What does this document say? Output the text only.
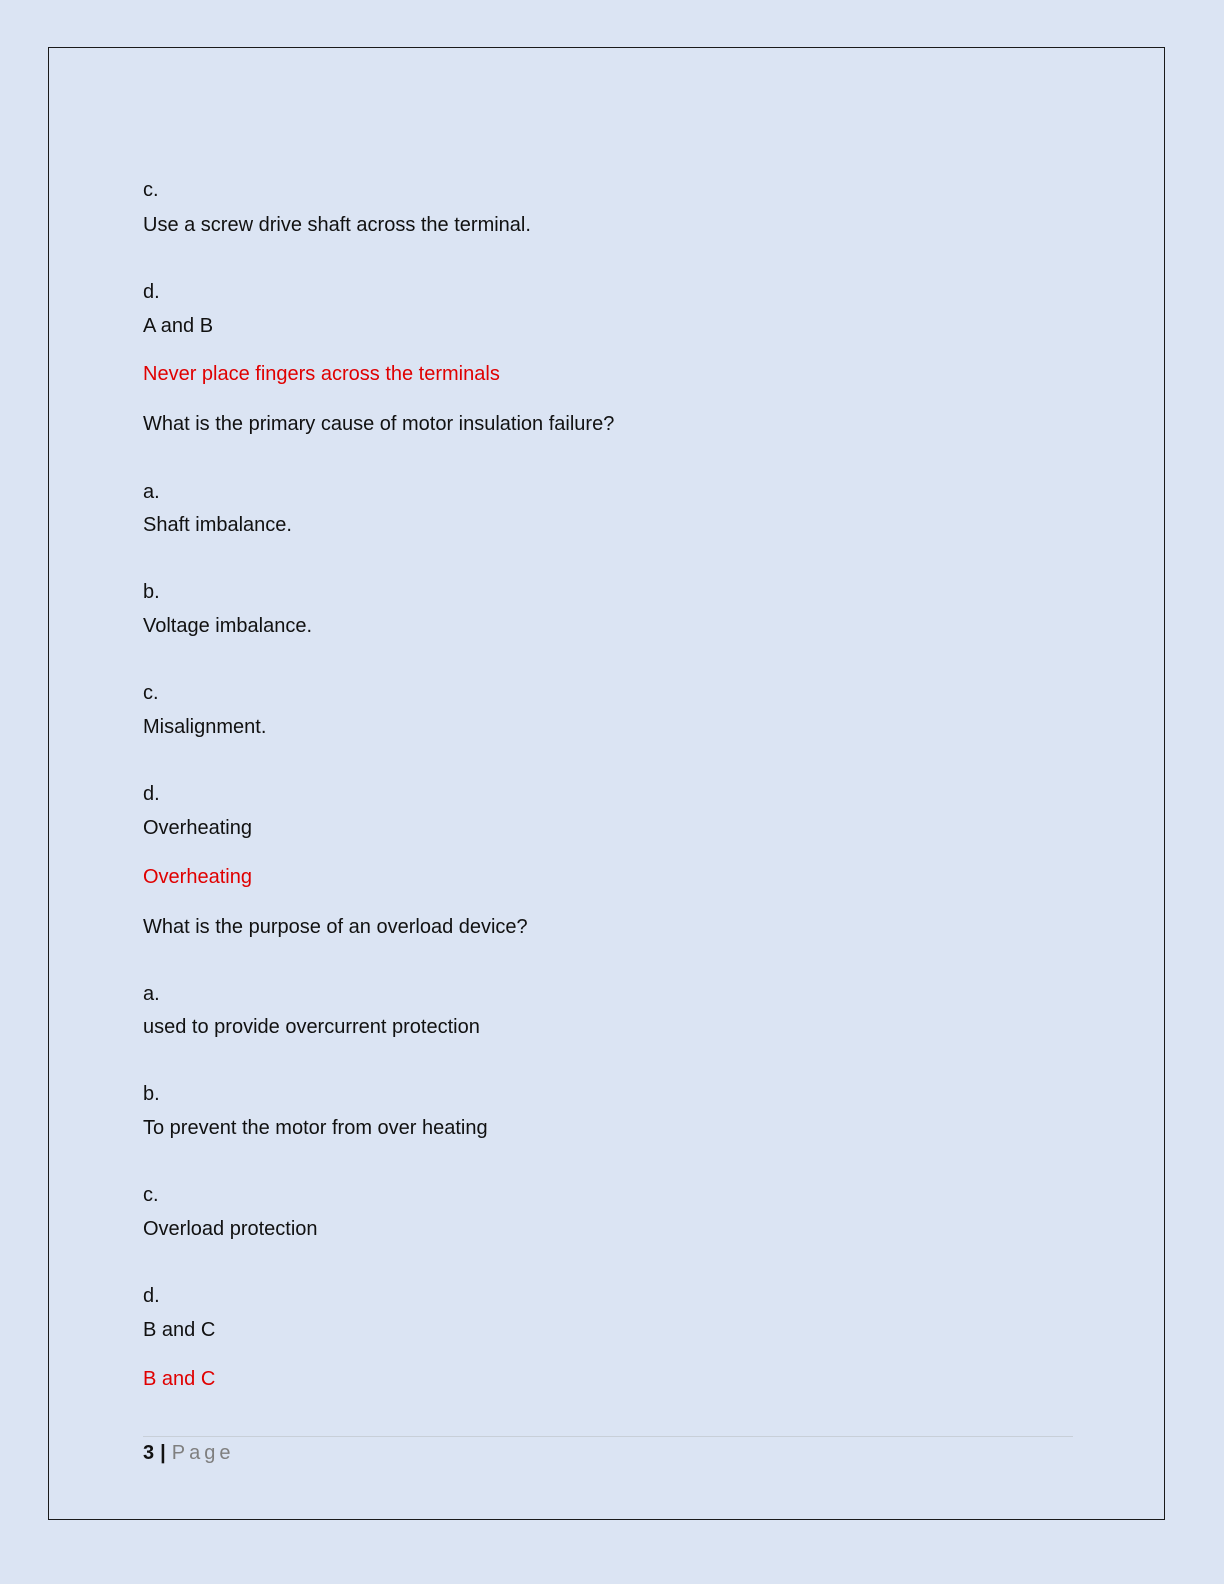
c.
Use a screw drive shaft across the terminal.
d.
A and B
Never place fingers across the terminals
What is the primary cause of motor insulation failure?
a.
Shaft imbalance.
b.
Voltage imbalance.
c.
Misalignment.
d.
Overheating
Overheating
What is the purpose of an overload device?
a.
used to provide overcurrent protection
b.
To prevent the motor from over heating
c.
Overload protection
d.
B and C
B and C
3 | Page
